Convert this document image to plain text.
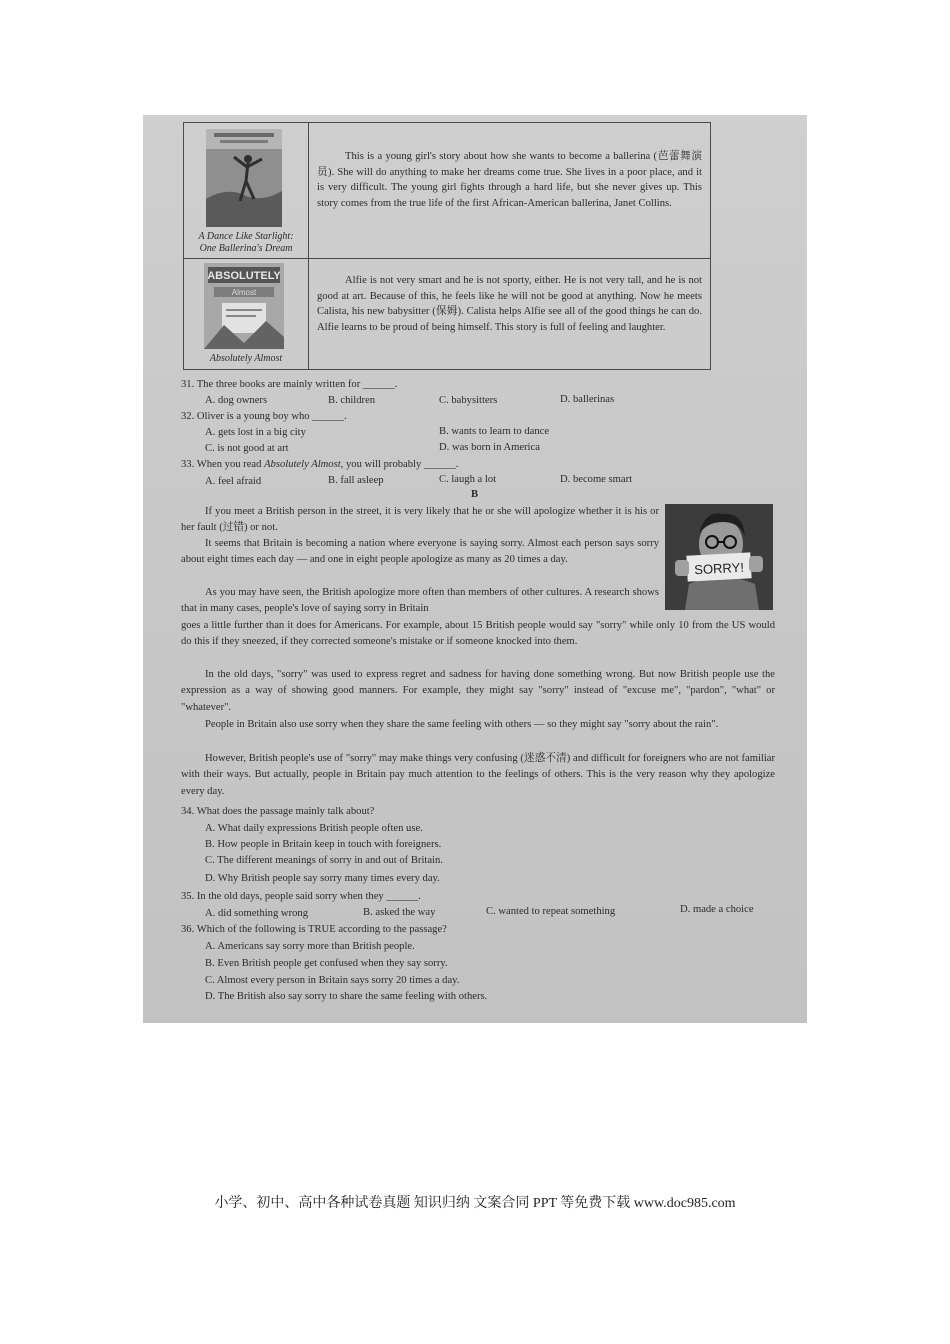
A Dance Like Starlight:
One Ballerina's Dream
This is a young girl's story about how she wants to become a ballerina (芭蕾舞演员). She will do anything to make her dreams come true. She lives in a poor place, and it is very difficult. The young girl fights through a hard life, but she never gives up. This story comes from the true life of the first African-American ballerina, Janet Collins.
ABSOLUTELY
Almost
Absolutely Almost
Alfie is not very smart and he is not sporty, either. He is not very tall, and he is not good at art. Because of this, he feels like he will not be good at anything. Now he meets Calista, his new babysitter (保姆). Calista helps Alfie see all of the good things he can do. Alfie learns to be proud of being himself. This story is full of feeling and laughter.
31. The three books are mainly written for ______.
A. dog owners	B. children	C. babysitters	D. ballerinas
32. Oliver is a young boy who ______.
A. gets lost in a big city	B. wants to learn to dance
C. is not good at art	D. was born in America
33. When you read Absolutely Almost, you will probably ______.
A. feel afraid	B. fall asleep	C. laugh a lot	D. become smart
B
SORRY!
If you meet a British person in the street, it is very likely that he or she will apologize whether it is his or her fault (过错) or not.
It seems that Britain is becoming a nation where everyone is saying sorry. Almost each person says sorry about eight times each day — and one in eight people apologize as many as 20 times a day.
As you may have seen, the British apologize more often than members of other cultures. A research shows that in many cases, people's love of saying sorry in Britain
goes a little further than it does for Americans. For example, about 15 British people would say "sorry" while only 10 from the US would do this if they sneezed, if they corrected someone's mistake or if someone knocked into them.
In the old days, "sorry" was used to express regret and sadness for having done something wrong. But now British people use the expression as a way of showing good manners. For example, they might say "sorry" instead of "excuse me", "pardon", "what" or "whatever".
People in Britain also use sorry when they share the same feeling with others — so they might say "sorry about the rain".
However, British people's use of "sorry" may make things very confusing (迷惑不清) and difficult for foreigners who are not familiar with their ways. But actually, people in Britain pay much attention to the feelings of others. This is the very reason why they apologize every day.
34. What does the passage mainly talk about?
A. What daily expressions British people often use.
B. How people in Britain keep in touch with foreigners.
C. The different meanings of sorry in and out of Britain.
D. Why British people say sorry many times every day.
35. In the old days, people said sorry when they ______.
A. did something wrong	B. asked the way	C. wanted to repeat something	D. made a choice
36. Which of the following is TRUE according to the passage?
A. Americans say sorry more than British people.
B. Even British people get confused when they say sorry.
C. Almost every person in Britain says sorry 20 times a day.
D. The British also say sorry to share the same feeling with others.
小学、初中、高中各种试卷真题 知识归纳 文案合同 PPT 等免费下载 www.doc985.com
